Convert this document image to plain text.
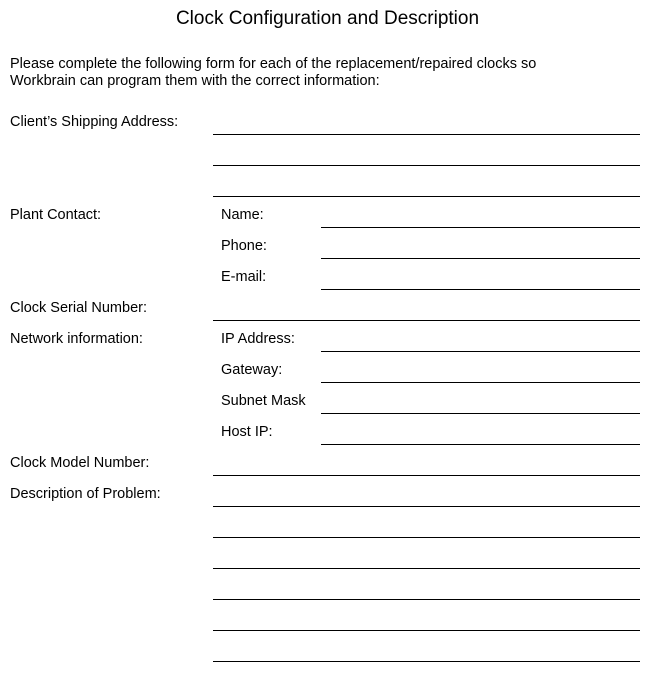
Clock Configuration and Description
Please complete the following form for each of the replacement/repaired clocks so
Workbrain can program them with the correct information:
Client’s Shipping Address:
Plant Contact:	Name:
Phone:
E-mail:
Clock Serial Number:
Network information:	IP Address:
Gateway:
Subnet Mask
Host IP:
Clock Model Number:
Description of Problem:
